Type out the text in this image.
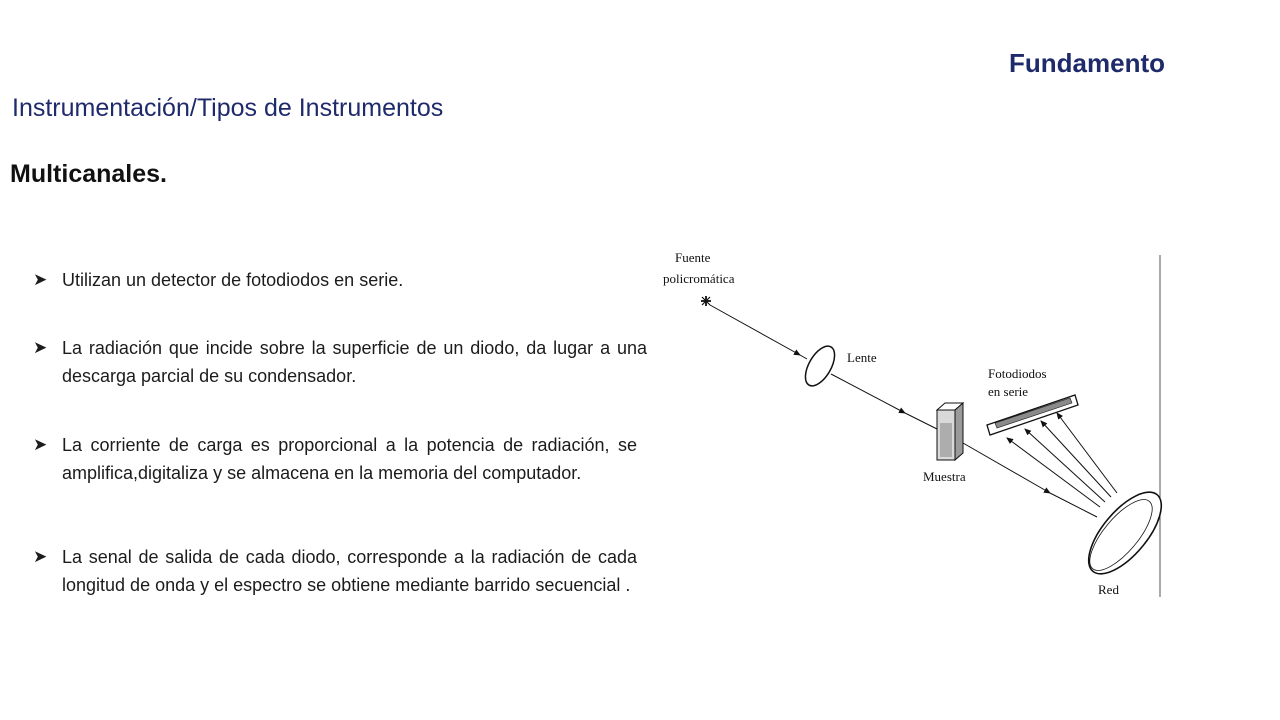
Fundamento
Instrumentación/Tipos de Instrumentos
Multicanales.
➤ Utilizan un detector de fotodiodos en serie.
➤ La radiación que incide sobre la superficie de un diodo, da lugar a una descarga parcial de su condensador.
➤ La corriente de carga es proporcional a la potencia de radiación, se amplifica,digitaliza y se almacena en la memoria del computador.
➤ La senal de salida de cada diodo, corresponde a la radiación de cada longitud de onda y el espectro se obtiene mediante barrido secuencial .
Fuente
policromática
Lente
Muestra
Red
Fotodiodos
en serie
